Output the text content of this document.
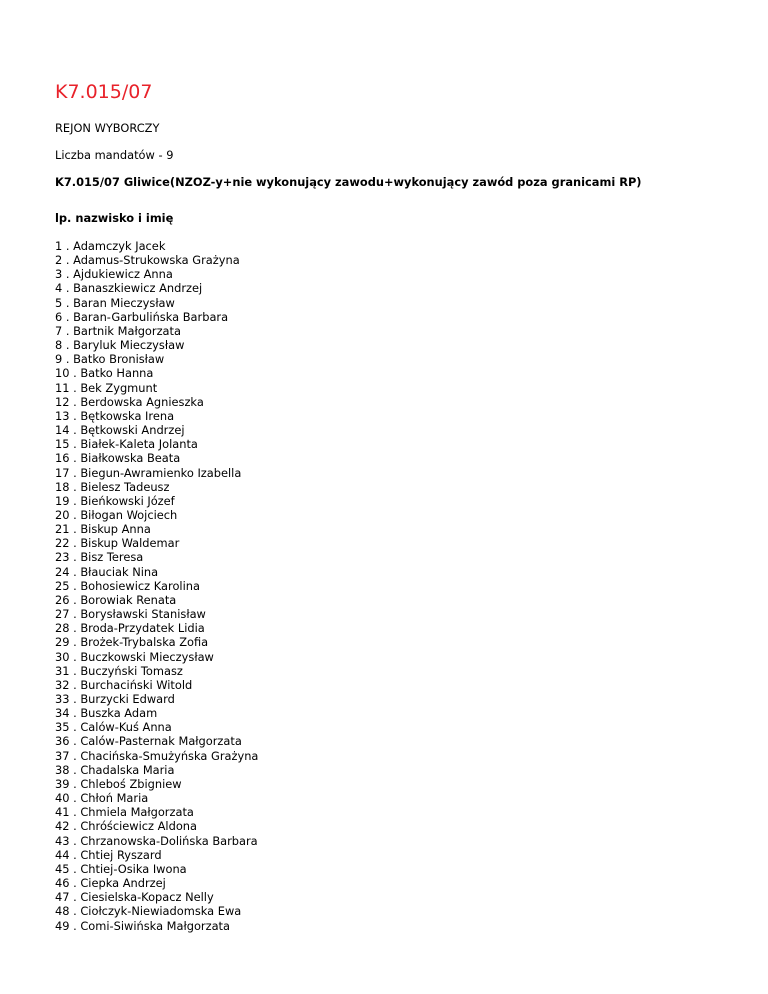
K7.015/07
REJON WYBORCZY
Liczba mandatów - 9
K7.015/07 Gliwice(NZOZ-y+nie wykonujący zawodu+wykonujący zawód poza granicami RP)
lp. nazwisko i imię
1 . Adamczyk Jacek
2 . Adamus-Strukowska Grażyna
3 . Ajdukiewicz Anna
4 . Banaszkiewicz Andrzej
5 . Baran Mieczysław
6 . Baran-Garbulińska Barbara
7 . Bartnik Małgorzata
8 . Baryluk Mieczysław
9 . Batko Bronisław
10 . Batko Hanna
11 . Bek Zygmunt
12 . Berdowska Agnieszka
13 . Bętkowska Irena
14 . Bętkowski Andrzej
15 . Białek-Kaleta Jolanta
16 . Białkowska Beata
17 . Biegun-Awramienko Izabella
18 . Bielesz Tadeusz
19 . Bieńkowski Józef
20 . Biłogan Wojciech
21 . Biskup Anna
22 . Biskup Waldemar
23 . Bisz Teresa
24 . Błauciak Nina
25 . Bohosiewicz Karolina
26 . Borowiak Renata
27 . Borysławski Stanisław
28 . Broda-Przydatek Lidia
29 . Brożek-Trybalska Zofia
30 . Buczkowski Mieczysław
31 . Buczyński Tomasz
32 . Burchaciński Witold
33 . Burzycki Edward
34 . Buszka Adam
35 . Calów-Kuś Anna
36 . Calów-Pasternak Małgorzata
37 . Chacińska-Smużyńska Grażyna
38 . Chadalska Maria
39 . Chleboś Zbigniew
40 . Chłoń Maria
41 . Chmiela Małgorzata
42 . Chróściewicz Aldona
43 . Chrzanowska-Dolińska Barbara
44 . Chtiej Ryszard
45 . Chtiej-Osika Iwona
46 . Ciepka Andrzej
47 . Ciesielska-Kopacz Nelly
48 . Ciołczyk-Niewiadomska Ewa
49 . Comi-Siwińska Małgorzata
